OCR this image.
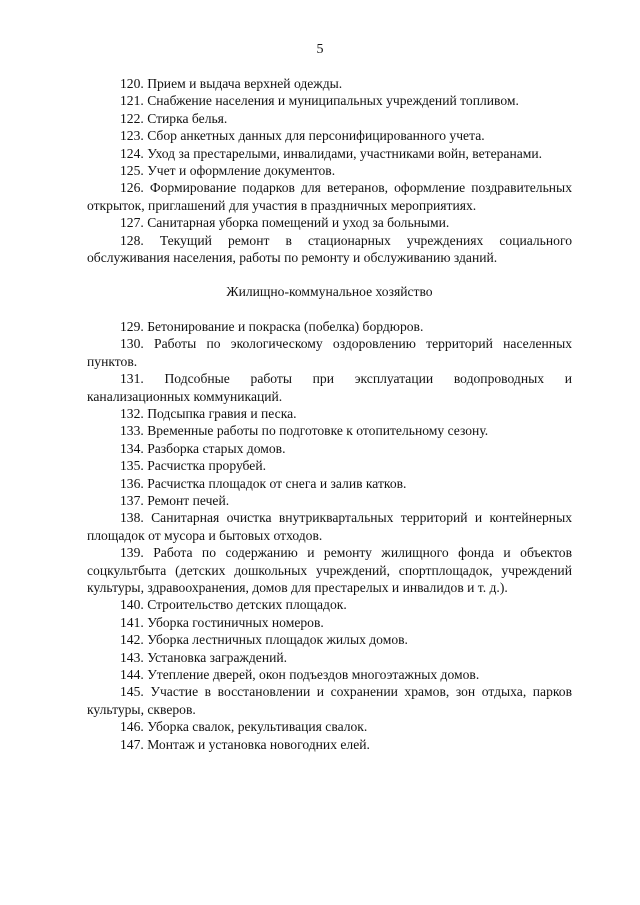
5

120. Прием и выдача верхней одежды.

121. Снабжение населения и муниципальных учреждений топливом.

122. Стирка белья.

123. Сбор анкетных данных для персонифицированного учета.

124. Уход за престарелыми, инвалидами, участниками войн, ветеранами.

125. Учет и оформление документов.

126. Формирование подарков для ветеранов, оформление поздравительных открыток, приглашений для участия в праздничных мероприятиях.

127. Санитарная уборка помещений и уход за больными.

128. Текущий ремонт в стационарных учреждениях социального обслуживания населения, работы по ремонту и обслуживанию зданий.

Жилищно-коммунальное хозяйство

129. Бетонирование и покраска (побелка) бордюров.

130. Работы по экологическому оздоровлению территорий населенных пунктов.

131. Подсобные работы при эксплуатации водопроводных и канализационных коммуникаций.

132. Подсыпка гравия и песка.

133. Временные работы по подготовке к отопительному сезону.

134. Разборка старых домов.

135. Расчистка прорубей.

136. Расчистка площадок от снега и залив катков.

137. Ремонт печей.

138. Санитарная очистка внутриквартальных территорий и контейнерных площадок от мусора и бытовых отходов.

139. Работа по содержанию и ремонту жилищного фонда и объектов соцкультбыта (детских дошкольных учреждений, спортплощадок, учреждений культуры, здравоохранения, домов для престарелых и инвалидов и т. д.).

140. Строительство детских площадок.

141. Уборка гостиничных номеров.

142. Уборка лестничных площадок жилых домов.

143. Установка заграждений.

144. Утепление дверей, окон подъездов многоэтажных домов.

145. Участие в восстановлении и сохранении храмов, зон отдыха, парков культуры, скверов.

146. Уборка свалок, рекультивация свалок.

147. Монтаж и установка новогодних елей.
